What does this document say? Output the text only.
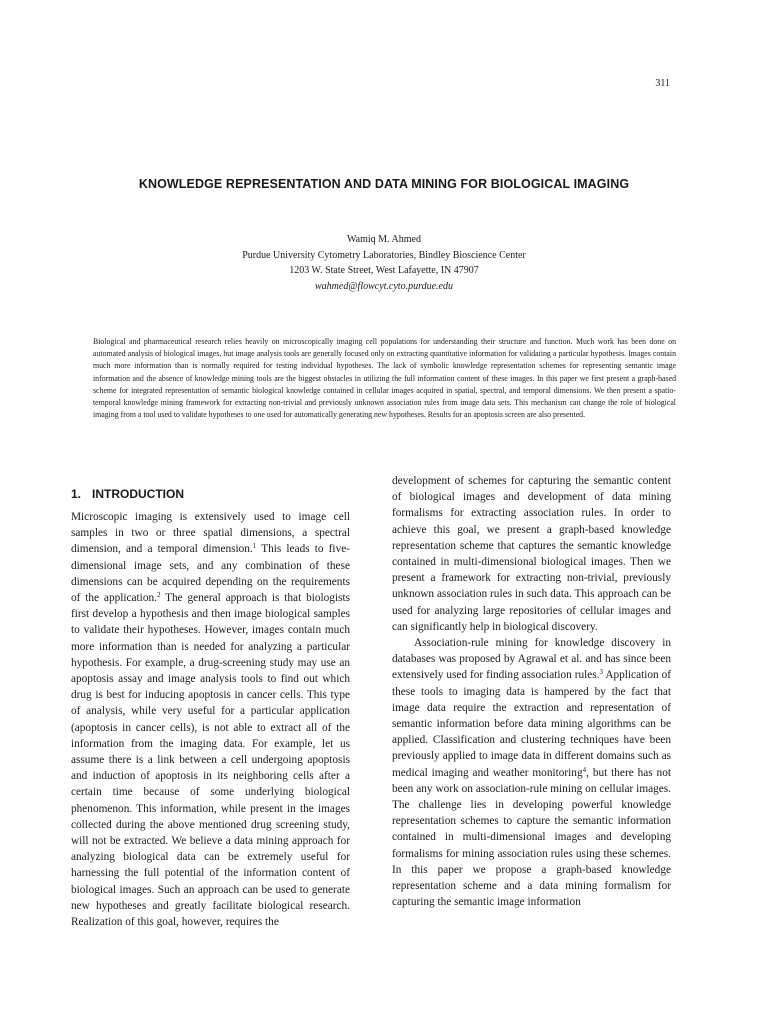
311
KNOWLEDGE REPRESENTATION AND DATA MINING FOR BIOLOGICAL IMAGING
Wamiq M. Ahmed
Purdue University Cytometry Laboratories, Bindley Bioscience Center
1203 W. State Street, West Lafayette, IN 47907
wahmed@flowcyt.cyto.purdue.edu
Biological and pharmaceutical research relies heavily on microscopically imaging cell populations for understanding their structure and function. Much work has been done on automated analysis of biological images, but image analysis tools are generally focused only on extracting quantitative information for validating a particular hypothesis. Images contain much more information than is normally required for testing individual hypotheses. The lack of symbolic knowledge representation schemes for representing semantic image information and the absence of knowledge mining tools are the biggest obstacles in utilizing the full information content of these images. In this paper we first present a graph-based scheme for integrated representation of semantic biological knowledge contained in cellular images acquired in spatial, spectral, and temporal dimensions. We then present a spatio-temporal knowledge mining framework for extracting non-trivial and previously unknown association rules from image data sets. This mechanism can change the role of biological imaging from a tool used to validate hypotheses to one used for automatically generating new hypotheses. Results for an apoptosis screen are also presented.
1. INTRODUCTION

Microscopic imaging is extensively used to image cell samples in two or three spatial dimensions, a spectral dimension, and a temporal dimension.$^1$ This leads to five-dimensional image sets, and any combination of these dimensions can be acquired depending on the requirements of the application.$^2$ The general approach is that biologists first develop a hypothesis and then image biological samples to validate their hypotheses. However, images contain much more information than is needed for analyzing a particular hypothesis. For example, a drug-screening study may use an apoptosis assay and image analysis tools to find out which drug is best for inducing apoptosis in cancer cells. This type of analysis, while very useful for a particular application (apoptosis in cancer cells), is not able to extract all of the information from the imaging data. For example, let us assume there is a link between a cell undergoing apoptosis and induction of apoptosis in its neighboring cells after a certain time because of some underlying biological phenomenon. This information, while present in the images collected during the above mentioned drug screening study, will not be extracted. We believe a data mining approach for analyzing biological data can be extremely useful for harnessing the full potential of the information content of biological images. Such an approach can be used to generate new hypotheses and greatly facilitate biological research. Realization of this goal, however, requires the

development of schemes for capturing the semantic content of biological images and development of data mining formalisms for extracting association rules. In order to achieve this goal, we present a graph-based knowledge representation scheme that captures the semantic knowledge contained in multi-dimensional biological images. Then we present a framework for extracting non-trivial, previously unknown association rules in such data. This approach can be used for analyzing large repositories of cellular images and can significantly help in biological discovery.

Association-rule mining for knowledge discovery in databases was proposed by Agrawal et al. and has since been extensively used for finding association rules.$^3$ Application of these tools to imaging data is hampered by the fact that image data require the extraction and representation of semantic information before data mining algorithms can be applied. Classification and clustering techniques have been previously applied to image data in different domains such as medical imaging and weather monitoring$^4$, but there has not been any work on association-rule mining on cellular images. The challenge lies in developing powerful knowledge representation schemes to capture the semantic information contained in multi-dimensional images and developing formalisms for mining association rules using these schemes. In this paper we propose a graph-based knowledge representation scheme and a data mining formalism for capturing the semantic image information
